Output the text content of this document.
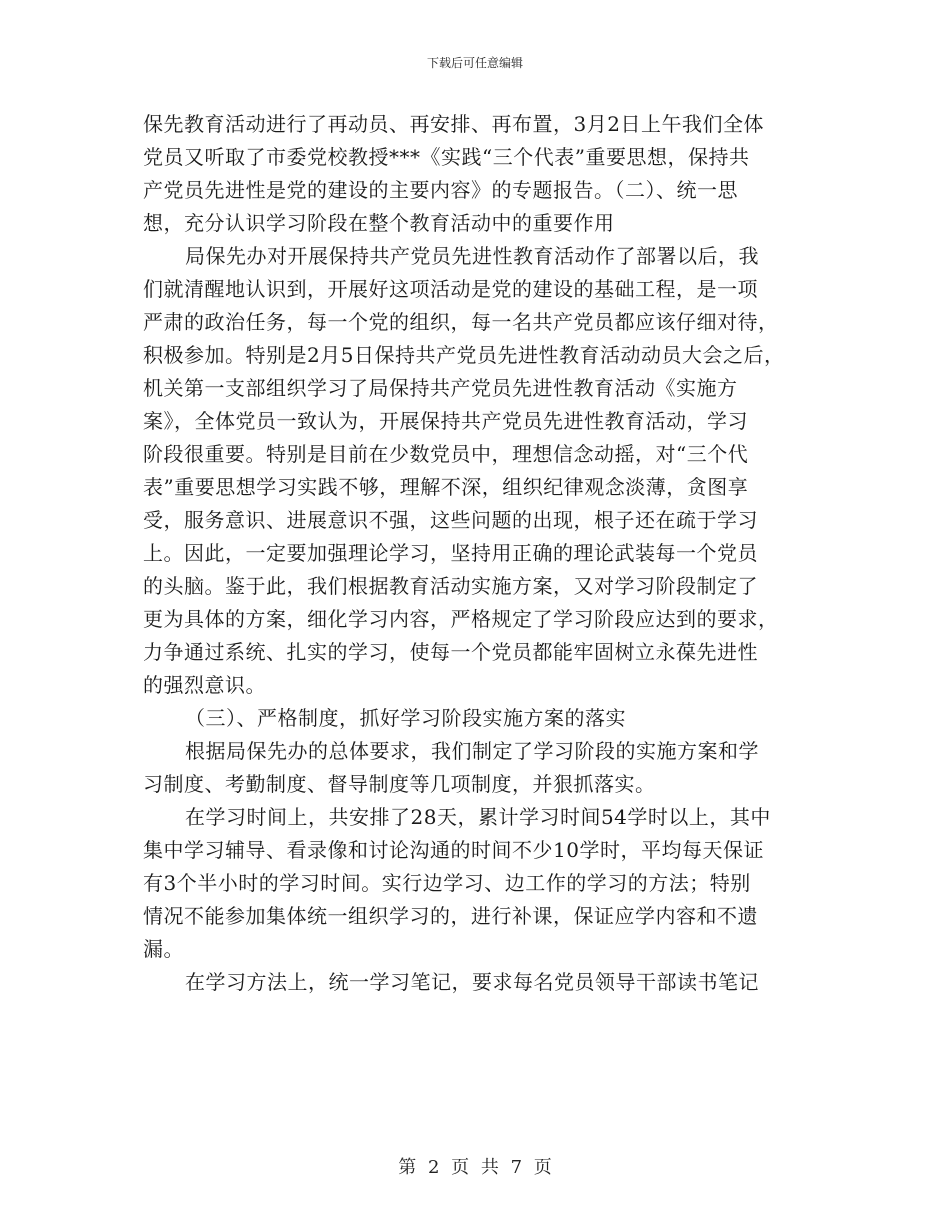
下载后可任意编辑
保先教育活动进行了再动员、再安排、再布置，3月2日上午我们全体
党员又听取了市委党校教授***《实践“三个代表”重要思想，保持共
产党员先进性是党的建设的主要内容》的专题报告。（二）、统一思
想，充分认识学习阶段在整个教育活动中的重要作用
局保先办对开展保持共产党员先进性教育活动作了部署以后，我
们就清醒地认识到，开展好这项活动是党的建设的基础工程，是一项
严肃的政治任务，每一个党的组织，每一名共产党员都应该仔细对待，
积极参加。特别是2月5日保持共产党员先进性教育活动动员大会之后，
机关第一支部组织学习了局保持共产党员先进性教育活动《实施方
案》，全体党员一致认为，开展保持共产党员先进性教育活动，学习
阶段很重要。特别是目前在少数党员中，理想信念动摇，对“三个代
表”重要思想学习实践不够，理解不深，组织纪律观念淡薄，贪图享
受，服务意识、进展意识不强，这些问题的出现，根子还在疏于学习
上。因此，一定要加强理论学习，坚持用正确的理论武装每一个党员
的头脑。鉴于此，我们根据教育活动实施方案，又对学习阶段制定了
更为具体的方案，细化学习内容，严格规定了学习阶段应达到的要求，
力争通过系统、扎实的学习，使每一个党员都能牢固树立永葆先进性
的强烈意识。
（三）、严格制度，抓好学习阶段实施方案的落实
根据局保先办的总体要求，我们制定了学习阶段的实施方案和学
习制度、考勤制度、督导制度等几项制度，并狠抓落实。
在学习时间上，共安排了28天，累计学习时间54学时以上，其中
集中学习辅导、看录像和讨论沟通的时间不少10学时，平均每天保证
有3个半小时的学习时间。实行边学习、边工作的学习的方法；特别
情况不能参加集体统一组织学习的，进行补课，保证应学内容和不遗
漏。
在学习方法上，统一学习笔记，要求每名党员领导干部读书笔记
第 2 页 共 7 页
